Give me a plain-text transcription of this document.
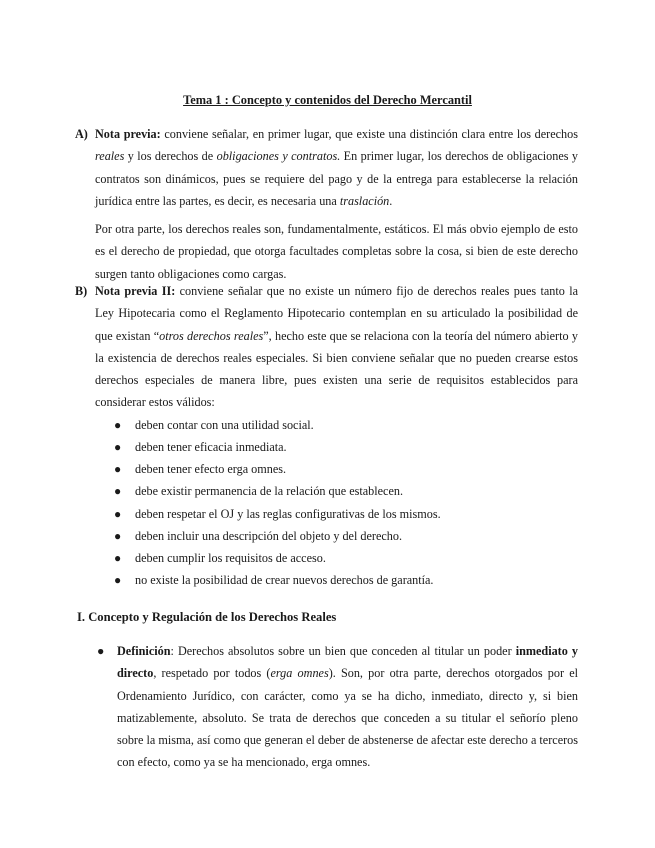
Tema 1 : Concepto y contenidos del Derecho Mercantil
A) Nota previa: conviene señalar, en primer lugar, que existe una distinción clara entre los derechos reales y los derechos de obligaciones y contratos. En primer lugar, los derechos de obligaciones y contratos son dinámicos, pues se requiere del pago y de la entrega para establecerse la relación jurídica entre las partes, es decir, es necesaria una traslación.

Por otra parte, los derechos reales son, fundamentalmente, estáticos. El más obvio ejemplo de esto es el derecho de propiedad, que otorga facultades completas sobre la cosa, si bien de este derecho surgen tanto obligaciones como cargas.

B) Nota previa II: conviene señalar que no existe un número fijo de derechos reales pues tanto la Ley Hipotecaria como el Reglamento Hipotecario contemplan en su articulado la posibilidad de que existan “otros derechos reales”, hecho este que se relaciona con la teoría del número abierto y la existencia de derechos reales especiales. Si bien conviene señalar que no pueden crearse estos derechos especiales de manera libre, pues existen una serie de requisitos establecidos para considerar estos válidos:

● deben contar con una utilidad social.
● deben tener eficacia inmediata.
● deben tener efecto erga omnes.
● debe existir permanencia de la relación que establecen.
● deben respetar el OJ y las reglas configurativas de los mismos.
● deben incluir una descripción del objeto y del derecho.
● deben cumplir los requisitos de acceso.
● no existe la posibilidad de crear nuevos derechos de garantía.
I. Concepto y Regulación de los Derechos Reales
● Definición: Derechos absolutos sobre un bien que conceden al titular un poder inmediato y directo, respetado por todos (erga omnes). Son, por otra parte, derechos otorgados por el Ordenamiento Jurídico, con carácter, como ya se ha dicho, inmediato, directo y, si bien matizablemente, absoluto. Se trata de derechos que conceden a su titular el señorío pleno sobre la misma, así como que generan el deber de abstenerse de afectar este derecho a terceros con efecto, como ya se ha mencionado, erga omnes.
